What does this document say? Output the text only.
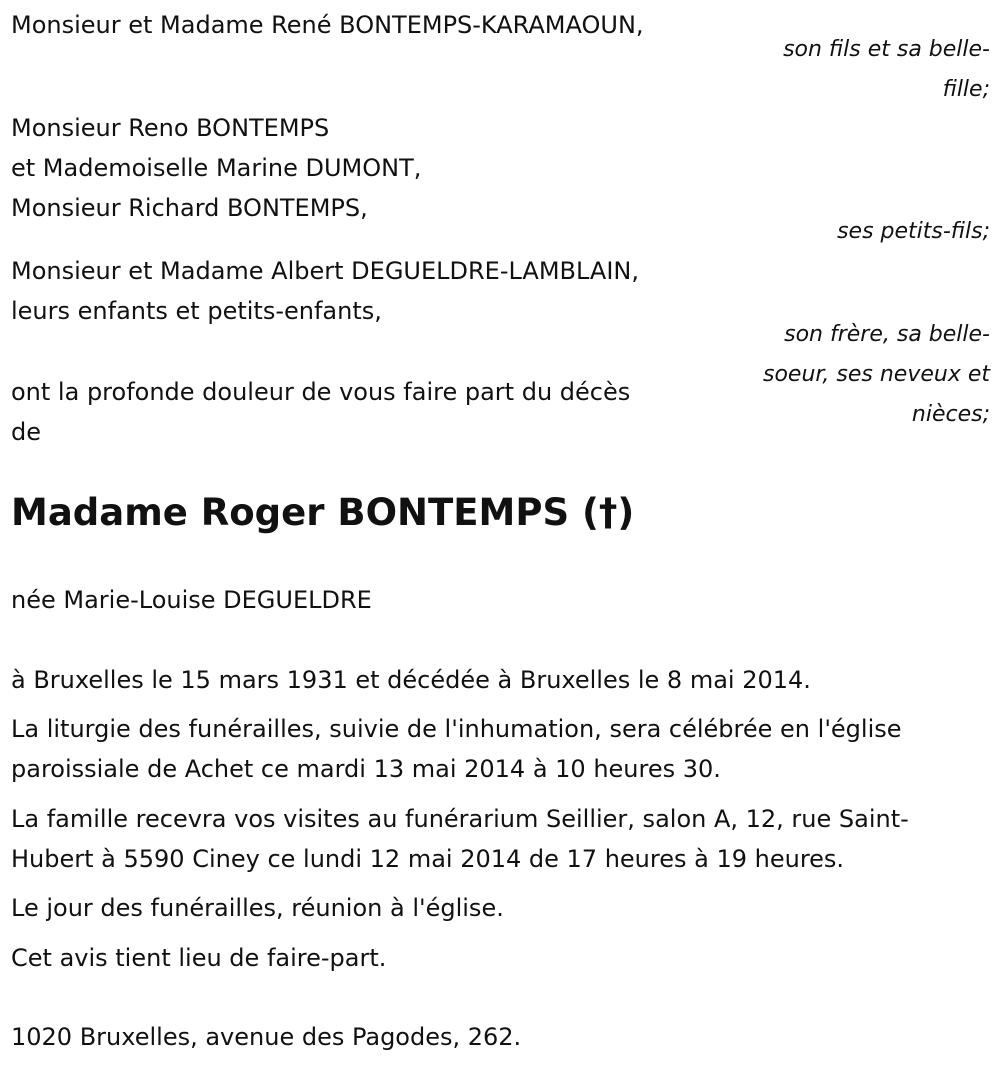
Monsieur et Madame René BONTEMPS-KARAMAOUN,
son fils et sa belle-
fille;
Monsieur Reno BONTEMPS
et Mademoiselle Marine DUMONT,
Monsieur Richard BONTEMPS,
ses petits-fils;
Monsieur et Madame Albert DEGUELDRE-LAMBLAIN,
leurs enfants et petits-enfants,
son frère, sa belle-
soeur, ses neveux et
nièces;
ont la profonde douleur de vous faire part du décès
de
Madame Roger BONTEMPS (†)
née Marie-Louise DEGUELDRE
à Bruxelles le 15 mars 1931 et décédée à Bruxelles le 8 mai 2014.
La liturgie des funérailles, suivie de l'inhumation, sera célébrée en l'église
paroissiale de Achet ce mardi 13 mai 2014 à 10 heures 30.
La famille recevra vos visites au funérarium Seillier, salon A, 12, rue Saint-
Hubert à 5590 Ciney ce lundi 12 mai 2014 de 17 heures à 19 heures.
Le jour des funérailles, réunion à l'église.
Cet avis tient lieu de faire-part.
1020 Bruxelles, avenue des Pagodes, 262.
